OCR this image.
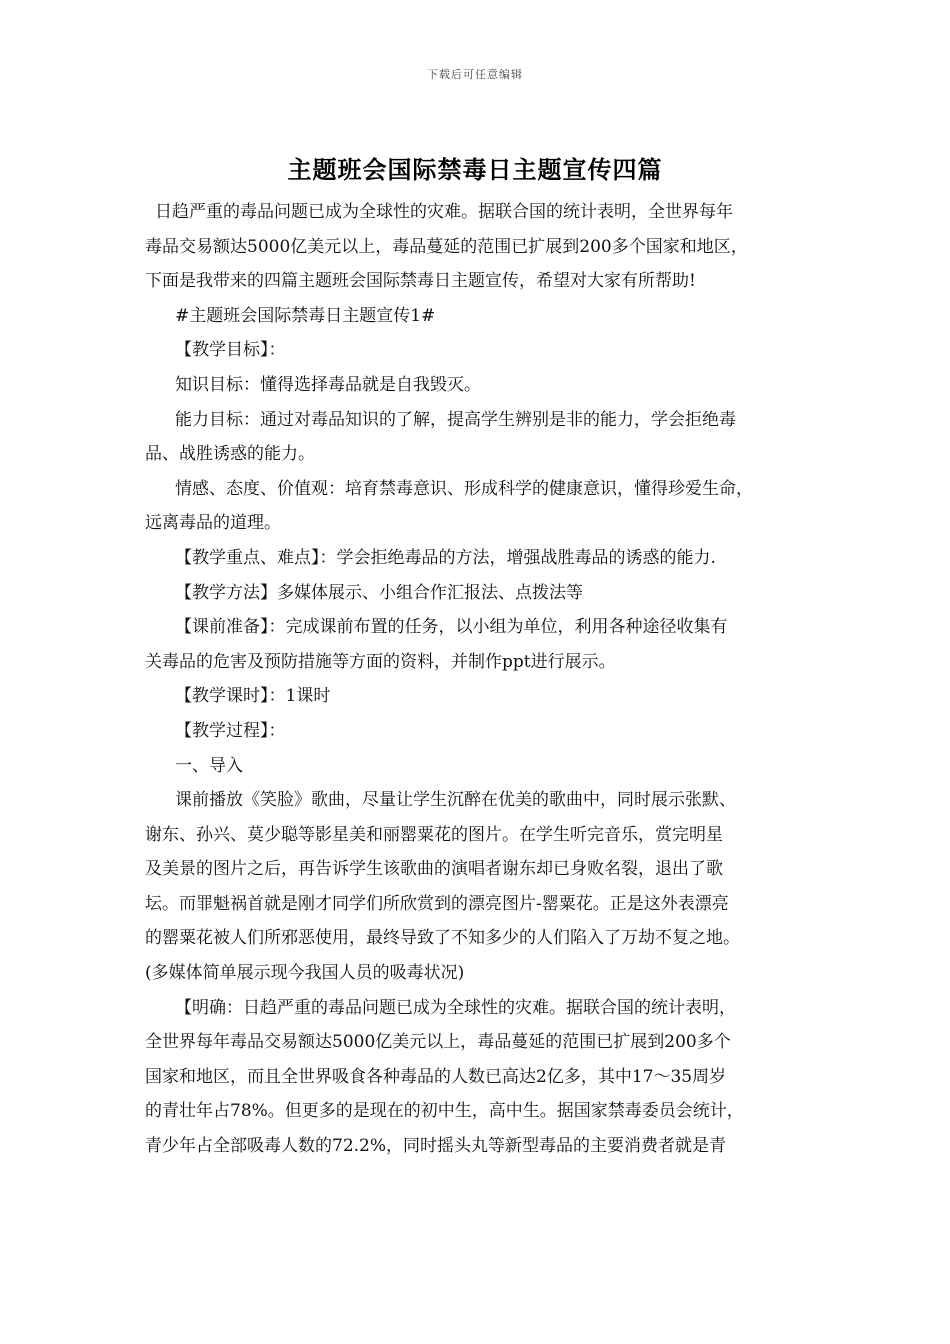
下载后可任意编辑
主题班会国际禁毒日主题宣传四篇
日趋严重的毒品问题已成为全球性的灾难。据联合国的统计表明，全世界每年
毒品交易额达5000亿美元以上，毒品蔓延的范围已扩展到200多个国家和地区，
下面是我带来的四篇主题班会国际禁毒日主题宣传，希望对大家有所帮助!
#主题班会国际禁毒日主题宣传1#
【教学目标】：
知识目标：懂得选择毒品就是自我毁灭。
能力目标：通过对毒品知识的了解，提高学生辨别是非的能力，学会拒绝毒
品、战胜诱惑的能力。
情感、态度、价值观：培育禁毒意识、形成科学的健康意识，懂得珍爱生命，
远离毒品的道理。
【教学重点、难点】：学会拒绝毒品的方法，增强战胜毒品的诱惑的能力.
【教学方法】多媒体展示、小组合作汇报法、点拨法等
【课前准备】：完成课前布置的任务，以小组为单位，利用各种途径收集有
关毒品的危害及预防措施等方面的资料，并制作ppt进行展示。
【教学课时】：1课时
【教学过程】：
一、导入
课前播放《笑脸》歌曲，尽量让学生沉醉在优美的歌曲中，同时展示张默、
谢东、孙兴、莫少聪等影星美和丽罂粟花的图片。在学生听完音乐，赏完明星
及美景的图片之后，再告诉学生该歌曲的演唱者谢东却已身败名裂，退出了歌
坛。而罪魁祸首就是刚才同学们所欣赏到的漂亮图片-罂粟花。正是这外表漂亮
的罂粟花被人们所邪恶使用，最终导致了不知多少的人们陷入了万劫不复之地。
(多媒体简单展示现今我国人员的吸毒状况)
【明确：日趋严重的毒品问题已成为全球性的灾难。据联合国的统计表明，
全世界每年毒品交易额达5000亿美元以上，毒品蔓延的范围已扩展到200多个
国家和地区，而且全世界吸食各种毒品的人数已高达2亿多，其中17～35周岁
的青壮年占78%。但更多的是现在的初中生，高中生。据国家禁毒委员会统计，
青少年占全部吸毒人数的72.2%，同时摇头丸等新型毒品的主要消费者就是青
